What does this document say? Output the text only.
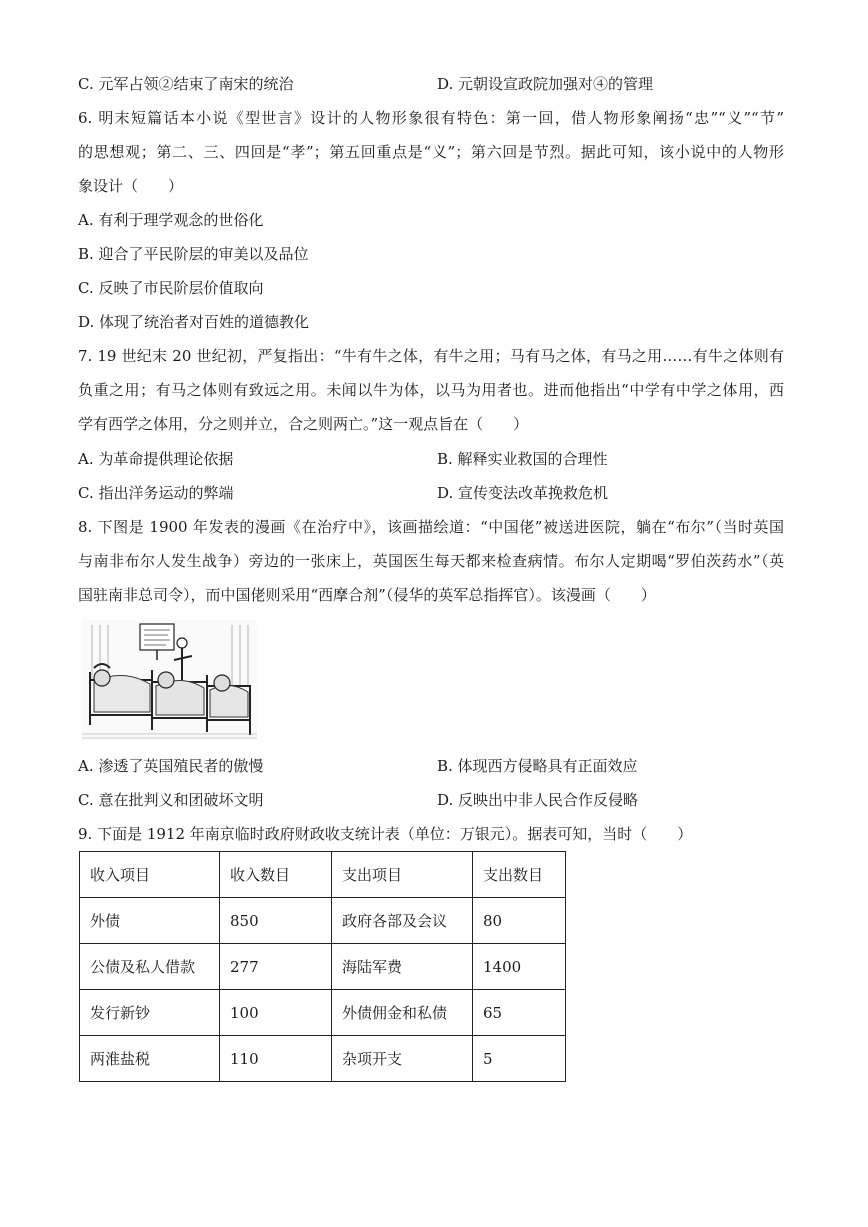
C. 元军占领②结束了南宋的统治	D. 元朝设宣政院加强对④的管理
6. 明末短篇话本小说《型世言》设计的人物形象很有特色：第一回，借人物形象阐扬“忠”“义”“节”
的思想观；第二、三、四回是“孝”；第五回重点是“义”；第六回是节烈。据此可知，该小说中的人物形
象设计（　　）
A. 有利于理学观念的世俗化
B. 迎合了平民阶层的审美以及品位
C. 反映了市民阶层价值取向
D. 体现了统治者对百姓的道德教化
7. 19 世纪末 20 世纪初，严复指出：“牛有牛之体，有牛之用；马有马之体，有马之用……有牛之体则有
负重之用；有马之体则有致远之用。未闻以牛为体，以马为用者也。进而他指出“中学有中学之体用，西
学有西学之体用，分之则并立，合之则两亡。”这一观点旨在（　　）
A. 为革命提供理论依据	B. 解释实业救国的合理性
C. 指出洋务运动的弊端	D. 宣传变法改革挽救危机
8. 下图是 1900 年发表的漫画《在治疗中》，该画描绘道：“中国佬”被送进医院，躺在“布尔”（当时英国
与南非布尔人发生战争）旁边的一张床上，英国医生每天都来检查病情。布尔人定期喝“罗伯茨药水”（英
国驻南非总司令），而中国佬则采用“西摩合剂”（侵华的英军总指挥官）。该漫画（　　）
A. 渗透了英国殖民者的傲慢	B. 体现西方侵略具有正面效应
C. 意在批判义和团破坏文明	D. 反映出中非人民合作反侵略
9. 下面是 1912 年南京临时政府财政收支统计表（单位：万银元）。据表可知，当时（　　）
收入项目	收入数目	支出项目	支出数目
外债	850	政府各部及会议	80
公债及私人借款	277	海陆军费	1400
发行新钞	100	外债佣金和私债	65
两淮盐税	110	杂项开支	5
